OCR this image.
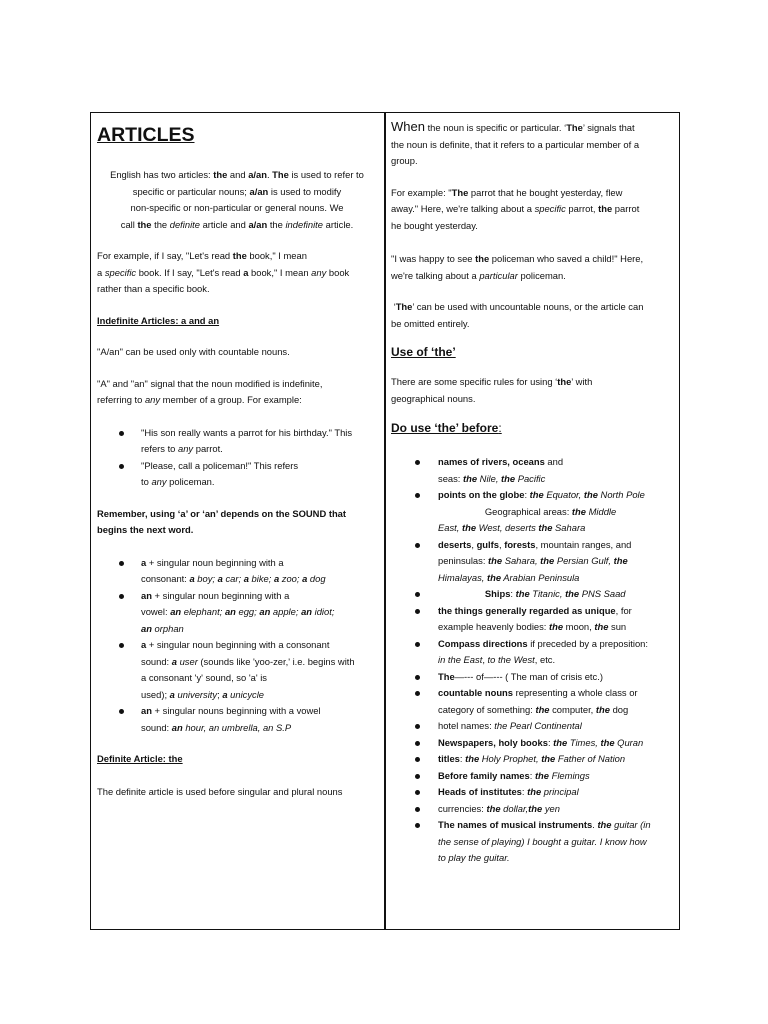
ARTICLES
English has two articles: the and a/an. The is used to refer to
specific or particular nouns; a/an is used to modify
non-specific or non-particular or general nouns. We
call the the definite article and a/an the indefinite article.
For example, if I say, "Let's read the book," I mean
a specific book. If I say, "Let's read a book," I mean any book
rather than a specific book.

Indefinite Articles: a and an

"A/an" can be used only with countable nouns.
"A" and "an" signal that the noun modified is indefinite,
referring to any member of a group. For example:
"His son really wants a parrot for his birthday." This
refers to any parrot.
"Please, call a policeman!" This refers
to any policeman.
Remember, using ‘a’ or ‘an’ depends on the SOUND that
begins the next word.
a + singular noun beginning with a
consonant: a boy; a car; a bike; a zoo; a dog
an + singular noun beginning with a
vowel: an elephant; an egg; an apple; an idiot;
an orphan
a + singular noun beginning with a consonant
sound: a user (sounds like 'yoo-zer,' i.e. begins with
a consonant 'y' sound, so 'a' is
used); a university; a unicycle
an + singular nouns beginning with a vowel
sound: an hour, an umbrella, an S.P

Definite Article: the

The definite article is used before singular and plural nouns
When the noun is specific or particular. ‘The’ signals that
the noun is definite, that it refers to a particular member of a
group.
For example: "The parrot that he bought yesterday, flew
away." Here, we're talking about a specific parrot, the parrot
he bought yesterday.
"I was happy to see the policeman who saved a child!" Here,
we're talking about a particular policeman.
‘The’ can be used with uncountable nouns, or the article can
be omitted entirely.

Use of ‘the’

There are some specific rules for using ‘the’ with
geographical nouns.

Do use ‘the’ before:

names of rivers, oceans and
seas: the Nile, the Pacific
points on the globe: the Equator, the North Pole
Geographical areas: the Middle
East, the West, deserts the Sahara
deserts, gulfs, forests, mountain ranges, and
peninsulas: the Sahara, the Persian Gulf, the
Himalayas, the Arabian Peninsula
Ships: the Titanic, the PNS Saad
the things generally regarded as unique, for
example heavenly bodies: the moon, the sun
Compass directions if preceded by a preposition:
in the East, to the West, etc.
The—--- of—--- ( The man of crisis etc.)
countable nouns representing a whole class or
category of something: the computer, the dog
hotel names: the Pearl Continental
Newspapers, holy books: the Times, the Quran
titles: the Holy Prophet, the Father of Nation
Before family names: the Flemings
Heads of institutes: the principal
currencies: the dollar,the yen
The names of musical instruments. the guitar (in
the sense of playing) I bought a guitar. I know how
to play the guitar.
